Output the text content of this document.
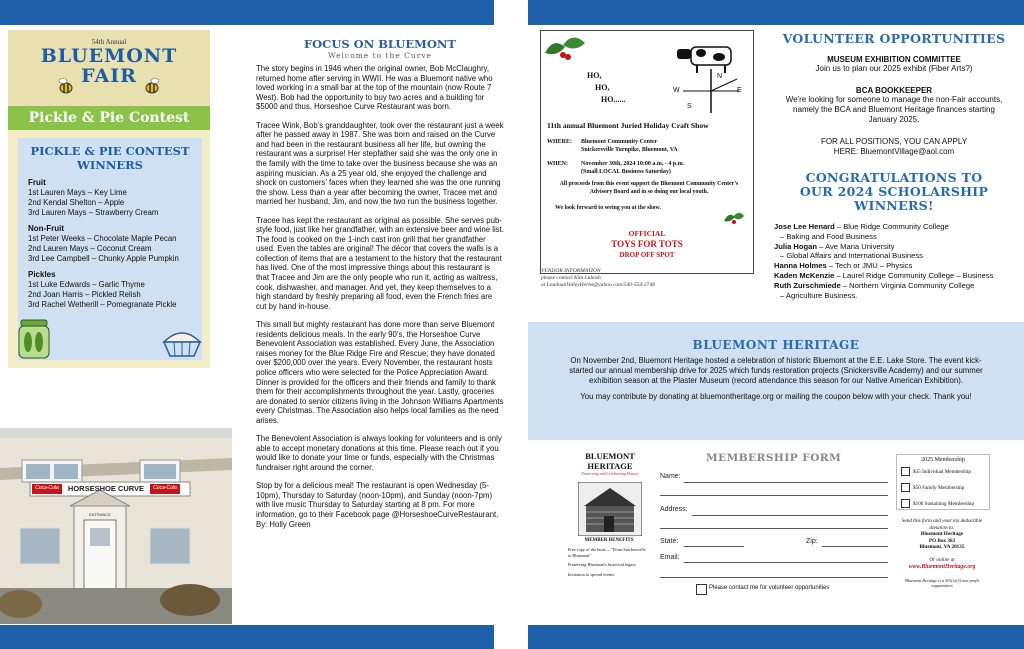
54th Annual
BLUEMONT
FAIR
Pickle & Pie Contest
PICKLE & PIE CONTEST
WINNERS
Fruit
1st Lauren Mays – Key Lime
2nd Kendal Shelton – Apple
3rd Lauren Mays – Strawberry Cream
Non-Fruit
1st Peter Weeks – Chocolate Maple Pecan
2nd Lauren Mays – Coconut Cream
3rd Lee Campbell – Chunky Apple Pumpkin
Pickles
1st Luke Edwards – Garlic Thyme
2nd Joan Harris – Pickled Relish
3rd Rachel Wetherill – Pomegranate Pickle
HORSESHOE CURVE
Coca-Cola	Coca-Cola
ENTRANCE
FOCUS ON BLUEMONT
Welcome to the Curve

The story begins in 1946 when the original owner, Bob McClaughry, returned home after serving in WWII. He was a Bluemont native who loved working in a small bar at the top of the mountain (now Route 7 West). Bob had the opportunity to buy two acres and a building for $5000 and thus, Horseshoe Curve Restaurant was born.

Tracee Wink, Bob’s granddaughter, took over the restaurant just a week after he passed away in 1987. She was born and raised on the Curve and had been in the restaurant business all her life, but owning the restaurant was a surprise! Her stepfather said she was the only one in the family with the time to take over the business because she was an aspiring musician. As a 25 year old, she enjoyed the challenge and shock on customers’ faces when they learned she was the one running the show. Less than a year after becoming the owner, Tracee met and married her husband, Jim, and now the two run the business together.

Tracee has kept the restaurant as original as possible. She serves pub-style food, just like her grandfather, with an extensive beer and wine list. The food is cooked on the 1-inch cast iron grill that her grandfather used. Even the tables are original! The décor that covers the walls is a collection of items that are a testament to the history that the restaurant has lived. One of the most impressive things about this restaurant is that Tracee and Jim are the only people who run it, acting as waitress, cook, dishwasher, and manager. And yet, they keep themselves to a high standard by freshly preparing all food, even the French fries are cut by hand in-house.

This small but mighty restaurant has done more than serve Bluemont residents delicious meals. In the early 90’s, the Horseshoe Curve Benevolent Association was established. Every June, the Association raises money for the Blue Ridge Fire and Rescue; they have donated over $200,000 over the years. Every November, the restaurant hosts police officers who were selected for the Police Appreciation Award. Dinner is provided for the officers and their friends and family to thank them for their accomplishments throughout the year. Lastly, groceries are donated to senior citizens living in the Johnson Williams Apartments every Christmas. The Association also helps local families as the need arises.

The Benevolent Association is always looking for volunteers and is only able to accept monetary donations at this time. Please reach out if you would like to donate your time or funds, especially with the Christmas fundraiser right around the corner.

Stop by for a delicious meal! The restaurant is open Wednesday (5-10pm), Thursday to Saturday (noon-10pm), and Sunday (noon-7pm) with live music Thursday to Saturday starting at 8 pm. For more information, go to their Facebook page @HorseshoeCurveRestaurant. By: Holly Green

HO,
HO,
HO......
N
W	E
S
11th annual Bluemont Juried Holiday Craft Show
WHERE: Bluemont Community Center
Snickersville Turnpike, Bluemont, VA
WHEN: November 30th, 2024 10:00 a.m. - 4 p.m.
(Small LOCAL Business Saturday)
All proceeds from this event support the Bluemont Community Center’s Advisory Board and in so doing our local youth.
We look forward to seeing you at the show.
OFFICIAL
TOYS FOR TOTS
DROP OFF SPOT
VENDOR INFORMATION
please contact Kim Lubash
at LoudounValleyHerbs@yahoo.com/540-554-2748
VOLUNTEER OPPORTUNITIES
MUSEUM EXHIBITION COMMITTEE
Join us to plan our 2025 exhibit (Fiber Arts?)
BCA BOOKKEEPER
We're looking for someone to manage the non-Fair accounts, namely the BCA and Bluemont Heritage finances starting January 2025.
FOR ALL POSITIONS, YOU CAN APPLY
HERE: BluemontVillage@aol.com
CONGRATULATIONS TO
OUR 2024 SCHOLARSHIP WINNERS!
Jose Lee Henard – Blue Ridge Community College
– Baking and Food Business
Julia Hogan – Ave Maria University
– Global Affairs and International Business
Hanna Holmes – Tech or JMU – Physics
Kaden McKenzie – Laurel Ridge Community College – Business
Ruth Zurschmiede – Northern Virginia Community College
– Agriculture Business.
BLUEMONT HERITAGE
On November 2nd, Bluemont Heritage hosted a celebration of historic Bluemont at the E.E. Lake Store. The event kick-started our annual membership drive for 2025 which funds restoration projects (Snickersville Academy) and our summer exhibition season at the Plaster Museum (record attendance this season for our Native American Exhibition).
You may contribute by donating at bluemontheritage.org or mailing the coupon below with your check. Thank you!
BLUEMONT
HERITAGE
Preserving and Celebrating History
MEMBER BENEFITS
Free copy of the book— "From Snickersville to Bluemont"
Preserving Bluemont's historical legacy
Invitation to special events
MEMBERSHIP FORM
Name:
Address:
State:	Zip:
Email:
Please contact me for volunteer opportunities
2025 Membership
$35 Individual Membership
$50 Family Membership
$100 Sustaining Membership
Send this form and your tax deductible donation to:
Bluemont Heritage
PO Box 362
Bluemont, VA 20135
Or online at
www.BluemontHeritage.org
Bluemont Heritage is a 501(c)(3) non-profit organization
